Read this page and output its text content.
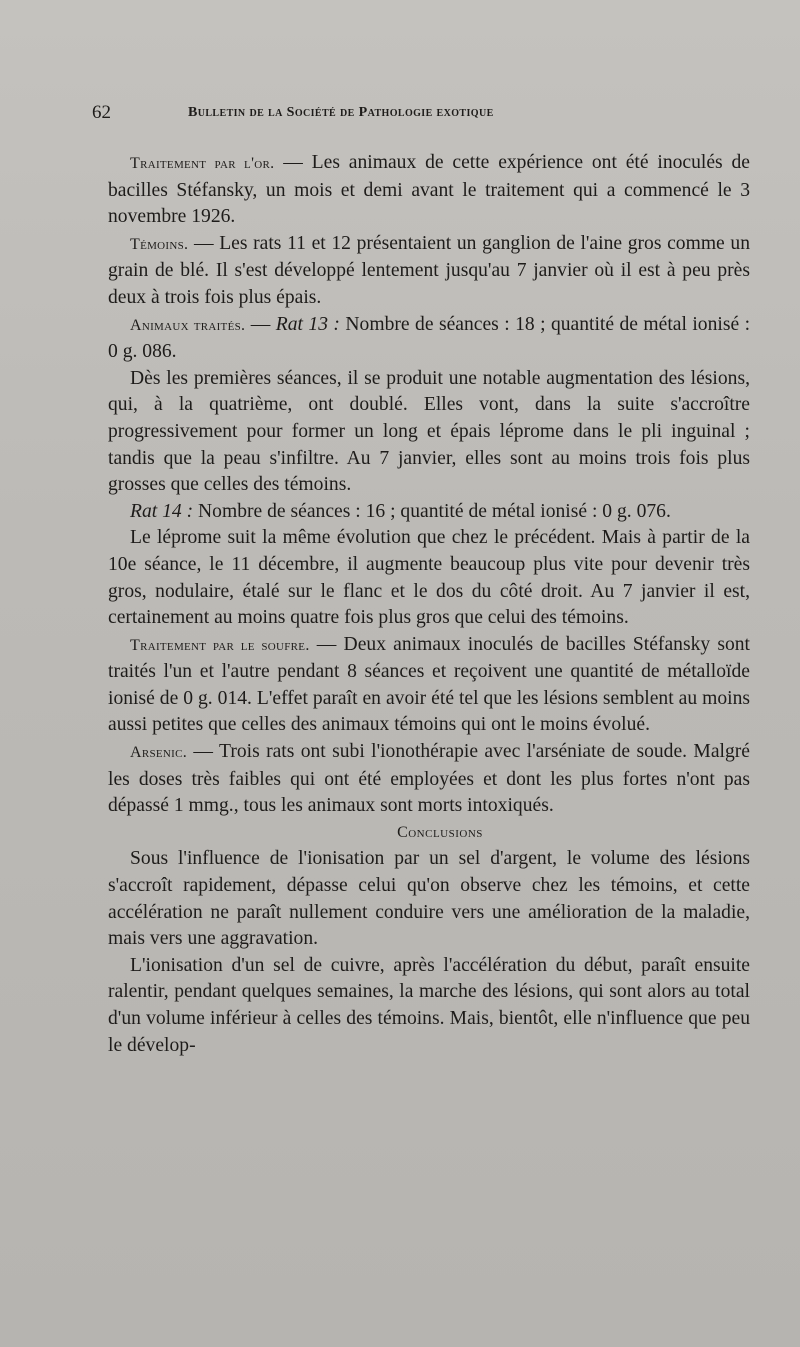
62	Bulletin de la Société de Pathologie exotique

Traitement par l'or. — Les animaux de cette expérience ont été inoculés de bacilles Stéfansky, un mois et demi avant le traitement qui a commencé le 3 novembre 1926.

Témoins. — Les rats 11 et 12 présentaient un ganglion de l'aine gros comme un grain de blé. Il s'est développé lentement jusqu'au 7 janvier où il est à peu près deux à trois fois plus épais.

Animaux traités. — Rat 13 : Nombre de séances : 18 ; quantité de métal ionisé : 0 g. 086.

Dès les premières séances, il se produit une notable augmentation des lésions, qui, à la quatrième, ont doublé. Elles vont, dans la suite s'accroître progressivement pour former un long et épais léprome dans le pli inguinal ; tandis que la peau s'infiltre. Au 7 janvier, elles sont au moins trois fois plus grosses que celles des témoins.

Rat 14 : Nombre de séances : 16 ; quantité de métal ionisé : 0 g. 076.

Le léprome suit la même évolution que chez le précédent. Mais à partir de la 10e séance, le 11 décembre, il augmente beaucoup plus vite pour devenir très gros, nodulaire, étalé sur le flanc et le dos du côté droit. Au 7 janvier il est, certainement au moins quatre fois plus gros que celui des témoins.

Traitement par le soufre. — Deux animaux inoculés de bacilles Stéfansky sont traités l'un et l'autre pendant 8 séances et reçoivent une quantité de métalloïde ionisé de 0 g. 014. L'effet paraît en avoir été tel que les lésions semblent au moins aussi petites que celles des animaux témoins qui ont le moins évolué.

Arsenic. — Trois rats ont subi l'ionothérapie avec l'arséniate de soude. Malgré les doses très faibles qui ont été employées et dont les plus fortes n'ont pas dépassé 1 mmg., tous les animaux sont morts intoxiqués.

Conclusions

Sous l'influence de l'ionisation par un sel d'argent, le volume des lésions s'accroît rapidement, dépasse celui qu'on observe chez les témoins, et cette accélération ne paraît nullement conduire vers une amélioration de la maladie, mais vers une aggravation.

L'ionisation d'un sel de cuivre, après l'accélération du début, paraît ensuite ralentir, pendant quelques semaines, la marche des lésions, qui sont alors au total d'un volume inférieur à celles des témoins. Mais, bientôt, elle n'influence que peu le dévelop-
